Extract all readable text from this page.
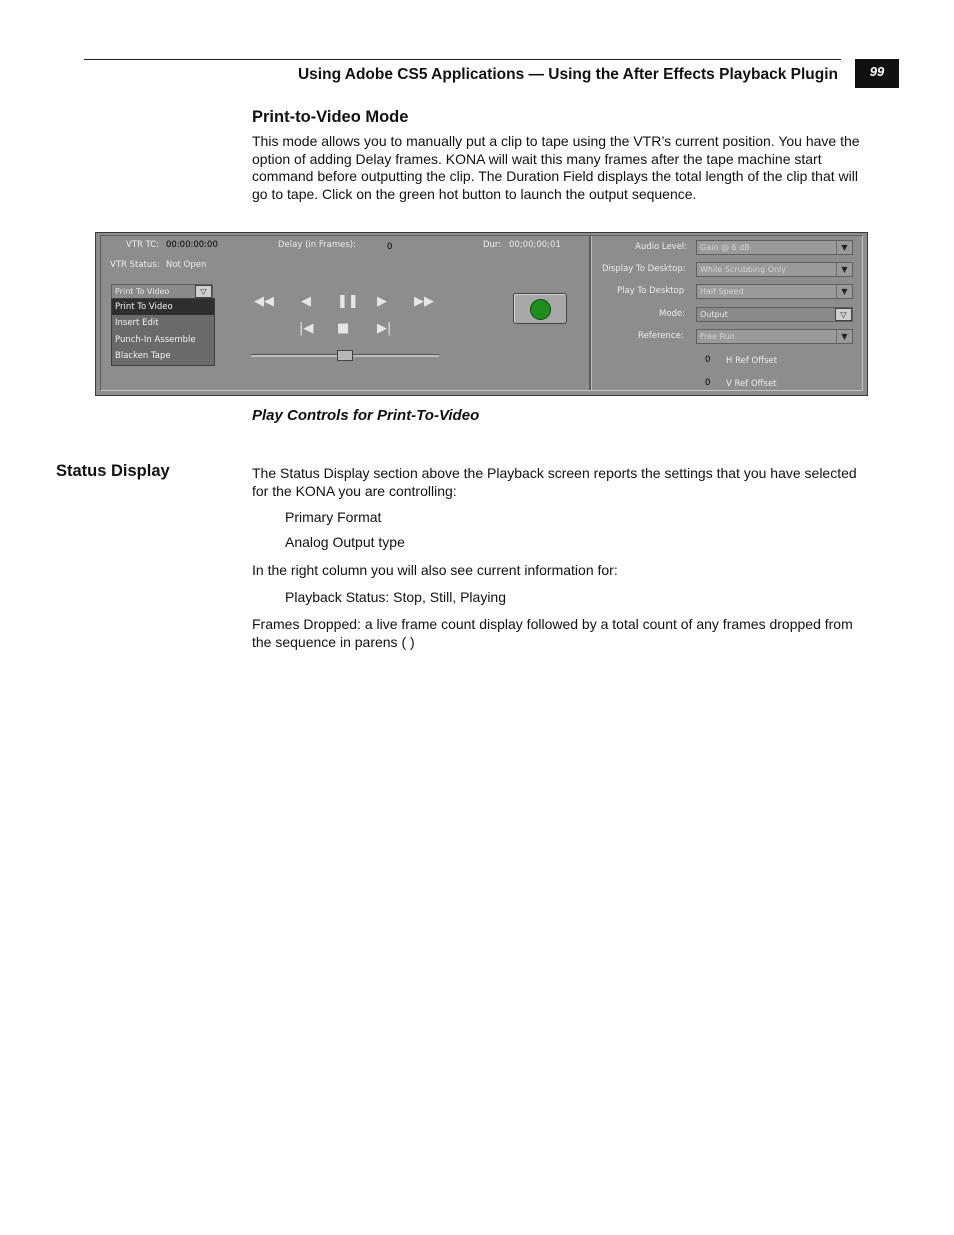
Using Adobe CS5 Applications — Using the After Effects Playback Plugin	99
Print-to-Video Mode
This mode allows you to manually put a clip to tape using the VTR’s current position. You have the option of adding Delay frames. KONA will wait this many frames after the tape machine start command before outputting the clip. The Duration Field displays the total length of the clip that will go to tape. Click on the green hot button to launch the output sequence.
VTR TC: 00:00:00:00
VTR Status: Not Open
Delay (in Frames):	0	Dur: 00;00;00;01
Print To Video	▽
Print To Video
Insert Edit
Punch-In Assemble
Blacken Tape
◀◀ ◀ ❚❚ ▶ ▶▶
|◀ ■ ▶|
Audio Level:	Gain @ 6 dB	▼
Display To Desktop:	While Scrubbing Only	▼
Play To Desktop	Half Speed	▼
Mode:	Output	▽
Reference:	Free Run	▼
0 H Ref Offset
0 V Ref Offset
Play Controls for Print-To-Video
Status Display	The Status Display section above the Playback screen reports the settings that you have selected for the KONA you are controlling:
Primary Format
Analog Output type
In the right column you will also see current information for:
Playback Status: Stop, Still, Playing
Frames Dropped: a live frame count display followed by a total count of any frames dropped from the sequence in parens ( )
